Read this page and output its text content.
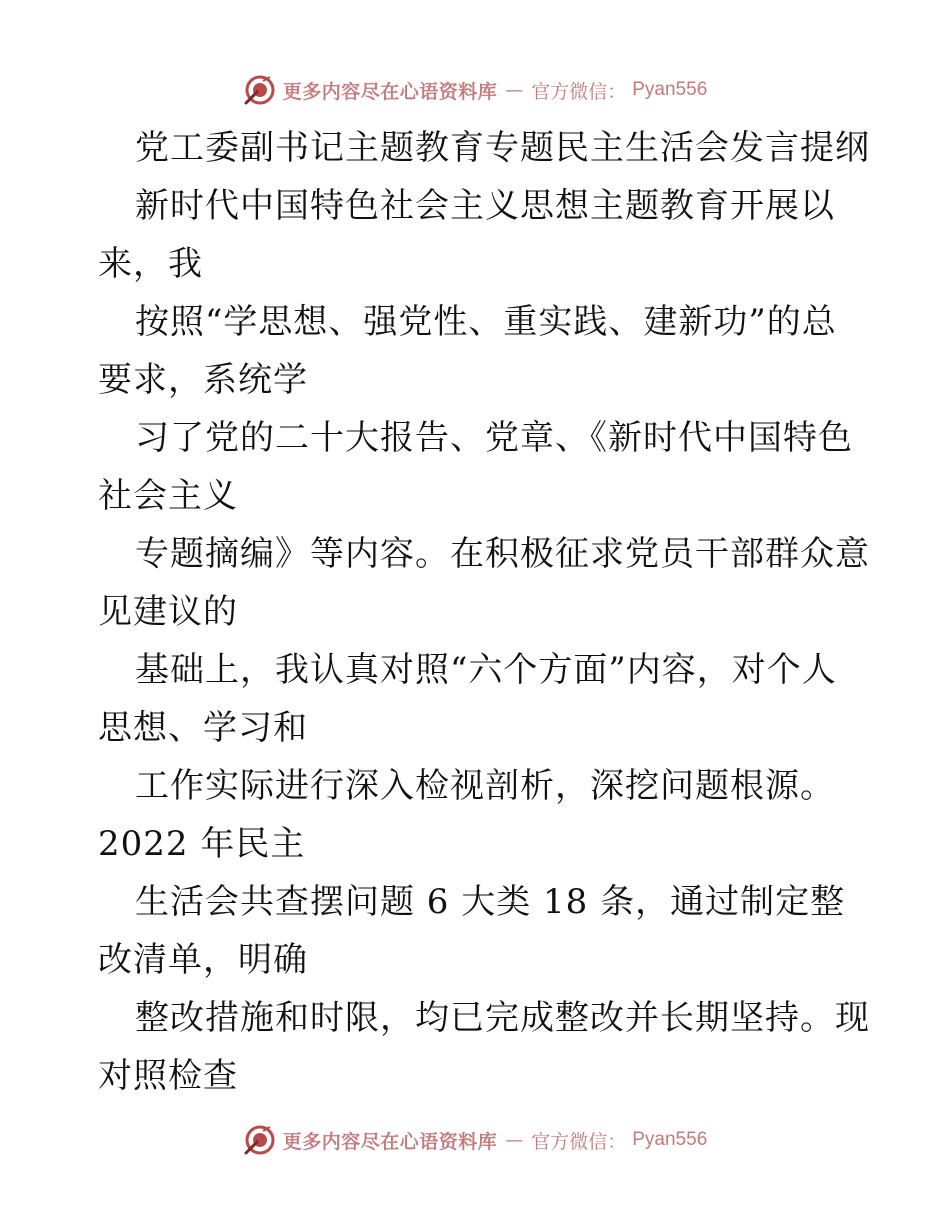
更多内容尽在心语资料库 — 官方微信： Pyan556
党工委副书记主题教育专题民主生活会发言提纲
新时代中国特色社会主义思想主题教育开展以
来，我
按照“学思想、强党性、重实践、建新功”的总
要求，系统学
习了党的二十大报告、党章、《新时代中国特色
社会主义
专题摘编》等内容。在积极征求党员干部群众意
见建议的
基础上，我认真对照“六个方面”内容，对个人
思想、学习和
工作实际进行深入检视剖析，深挖问题根源。
2022 年民主
生活会共查摆问题 6 大类 18 条，通过制定整
改清单，明确
整改措施和时限，均已完成整改并长期坚持。现
对照检查
更多内容尽在心语资料库 — 官方微信： Pyan556
